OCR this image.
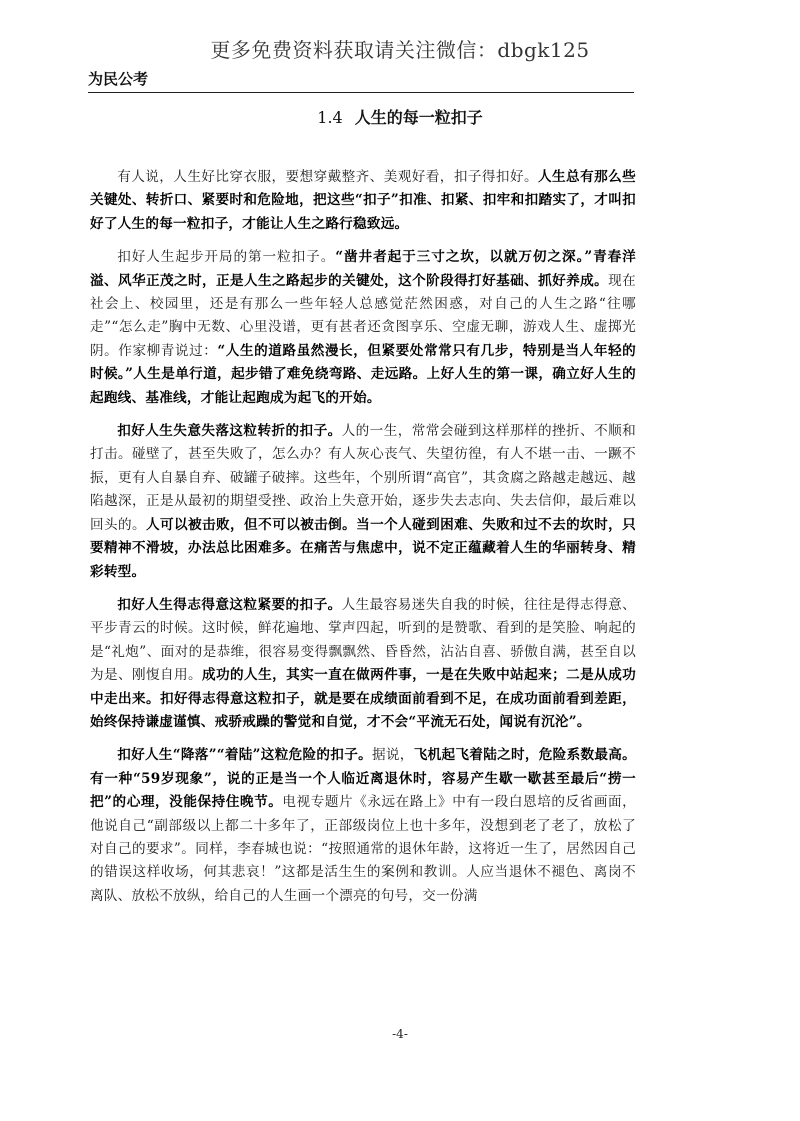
更多免费资料获取请关注微信：dbgk125
为民公考
1.4 人生的每一粒扣子

有人说，人生好比穿衣服，要想穿戴整齐、美观好看，扣子得扣好。人生总有那么些关键处、转折口、紧要时和危险地，把这些“扣子”扣准、扣紧、扣牢和扣踏实了，才叫扣好了人生的每一粒扣子，才能让人生之路行稳致远。

扣好人生起步开局的第一粒扣子。“凿井者起于三寸之坎，以就万仞之深。”青春洋溢、风华正茂之时，正是人生之路起步的关键处，这个阶段得打好基础、抓好养成。现在社会上、校园里，还是有那么一些年轻人总感觉茫然困惑，对自己的人生之路“往哪走”“怎么走”胸中无数、心里没谱，更有甚者还贪图享乐、空虚无聊，游戏人生、虚掷光阴。作家柳青说过：“人生的道路虽然漫长，但紧要处常常只有几步，特别是当人年轻的时候。”人生是单行道，起步错了难免绕弯路、走远路。上好人生的第一课，确立好人生的起跑线、基准线，才能让起跑成为起飞的开始。

扣好人生失意失落这粒转折的扣子。人的一生，常常会碰到这样那样的挫折、不顺和打击。碰壁了，甚至失败了，怎么办？有人灰心丧气、失望彷徨，有人不堪一击、一蹶不振，更有人自暴自弃、破罐子破摔。这些年，个别所谓“高官”，其贪腐之路越走越远、越陷越深，正是从最初的期望受挫、政治上失意开始，逐步失去志向、失去信仰，最后难以回头的。人可以被击败，但不可以被击倒。当一个人碰到困难、失败和过不去的坎时，只要精神不滑坡，办法总比困难多。在痛苦与焦虑中，说不定正蕴藏着人生的华丽转身、精彩转型。

扣好人生得志得意这粒紧要的扣子。人生最容易迷失自我的时候，往往是得志得意、平步青云的时候。这时候，鲜花遍地、掌声四起，听到的是赞歌、看到的是笑脸、响起的是“礼炮”、面对的是恭维，很容易变得飘飘然、昏昏然，沾沾自喜、骄傲自满，甚至自以为是、刚愎自用。成功的人生，其实一直在做两件事，一是在失败中站起来；二是从成功中走出来。扣好得志得意这粒扣子，就是要在成绩面前看到不足，在成功面前看到差距，始终保持谦虚谨慎、戒骄戒躁的警觉和自觉，才不会“平流无石处，闻说有沉沦”。

扣好人生“降落”“着陆”这粒危险的扣子。据说，飞机起飞着陆之时，危险系数最高。有一种“59岁现象”，说的正是当一个人临近离退休时，容易产生歇一歇甚至最后“捞一把”的心理，没能保持住晚节。电视专题片《永远在路上》中有一段白恩培的反省画面，他说自己“副部级以上都二十多年了，正部级岗位上也十多年，没想到老了老了，放松了对自己的要求”。同样，李春城也说：“按照通常的退休年龄，这将近一生了，居然因自己的错误这样收场，何其悲哀！”这都是活生生的案例和教训。人应当退休不褪色、离岗不离队、放松不放纵，给自己的人生画一个漂亮的句号，交一份满

-4-
